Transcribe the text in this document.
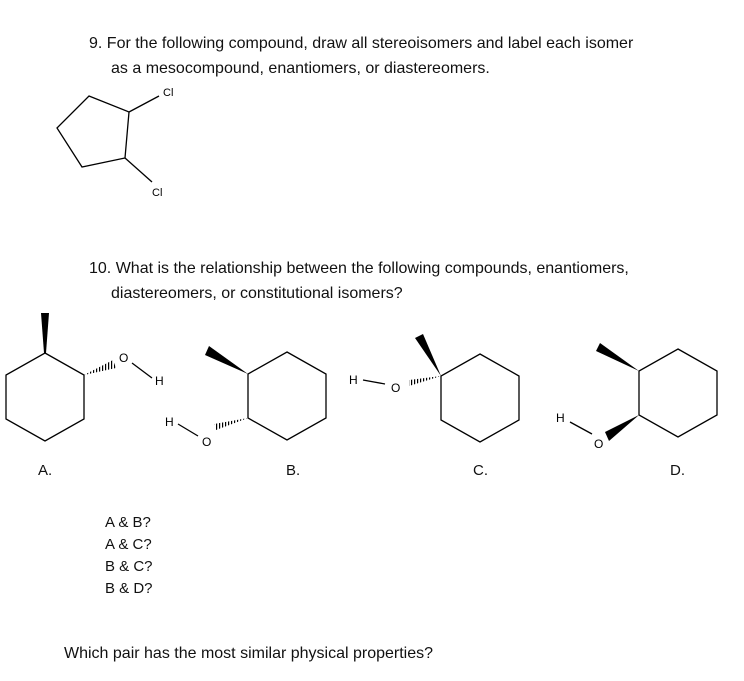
9. For the following compound, draw all stereoisomers and label each isomer
as a mesocompound, enantiomers, or diastereomers.
10. What is the relationship between the following compounds, enantiomers,
diastereomers, or constitutional isomers?
Cl
Cl
O
H
H
O
H
O
H
O
A.	B.	C.	D.
A & B?
A & C?
B & C?
B & D?
Which pair has the most similar physical properties?
